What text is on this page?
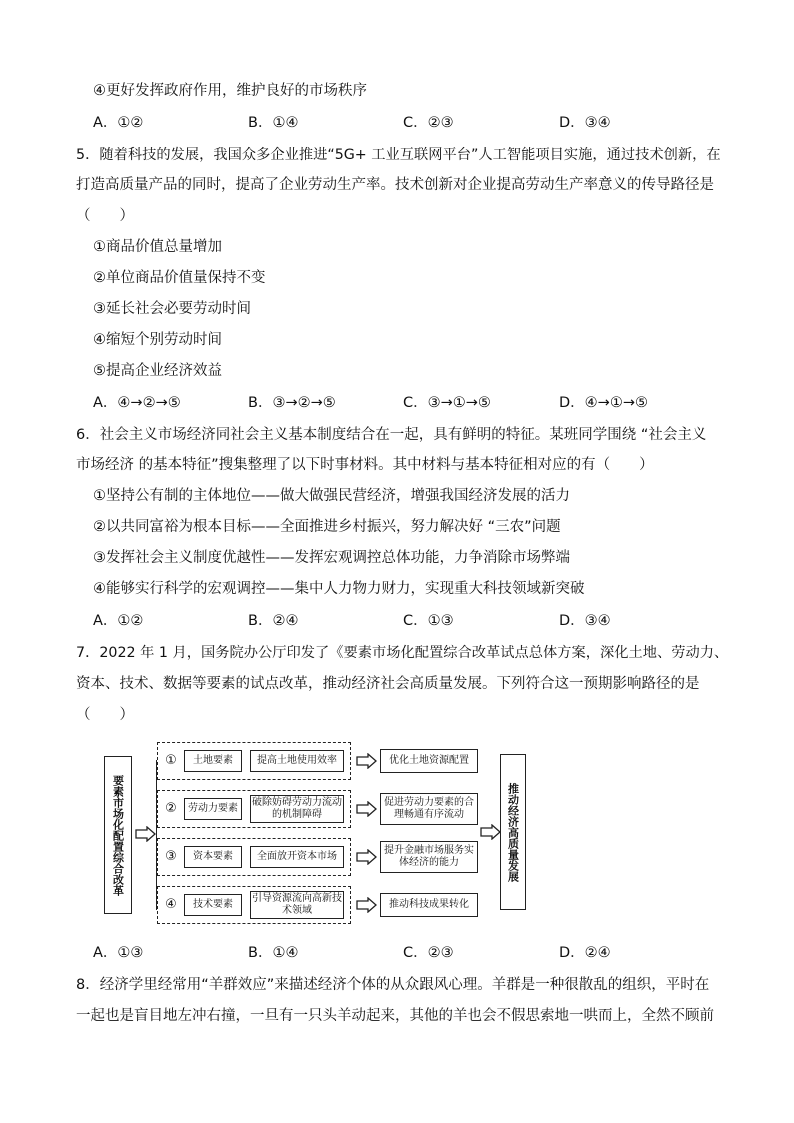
④更好发挥政府作用，维护良好的市场秩序
A．①②	B．①④	C．②③	D．③④
5．随着科技的发展，我国众多企业推进“5G+ 工业互联网平台”人工智能项目实施，通过技术创新，在
打造高质量产品的同时，提高了企业劳动生产率。技术创新对企业提高劳动生产率意义的传导路径是
（　　）
①商品价值总量增加
②单位商品价值量保持不变
③延长社会必要劳动时间
④缩短个别劳动时间
⑤提高企业经济效益
A．④→②→⑤	B．③→②→⑤	C．③→①→⑤	D．④→①→⑤
6．社会主义市场经济同社会主义基本制度结合在一起，具有鲜明的特征。某班同学围绕 “社会主义
市场经济 的基本特征”搜集整理了以下时事材料。其中材料与基本特征相对应的有（　　）
①坚持公有制的主体地位——做大做强民营经济，增强我国经济发展的活力
②以共同富裕为根本目标——全面推进乡村振兴，努力解决好 “三农”问题
③发挥社会主义制度优越性——发挥宏观调控总体功能，力争消除市场弊端
④能够实行科学的宏观调控——集中人力物力财力，实现重大科技领域新突破
A．①②	B．②④	C．①③	D．③④
7．2022 年 1 月，国务院办公厅印发了《要素市场化配置综合改革试点总体方案，深化土地、劳动力、
资本、技术、数据等要素的试点改革，推动经济社会高质量发展。下列符合这一预期影响路径的是
（　　）
要素市场化配置综合改革
①	土地要素	提高土地使用效率	优化土地资源配置
②	劳动力要素
破除妨碍劳动力流动的机制障碍
促进劳动力要素的合理畅通有序流动
③	资本要素	全面放开资本市场
提升金融市场服务实体经济的能力
④	技术要素
引导资源流向高新技术领域
推动科技成果转化
推动经济高质量发展
A．①③	B．①④	C．②③	D．②④
8．经济学里经常用“羊群效应”来描述经济个体的从众跟风心理。羊群是一种很散乱的组织，平时在
一起也是盲目地左冲右撞，一旦有一只头羊动起来，其他的羊也会不假思索地一哄而上，全然不顾前
